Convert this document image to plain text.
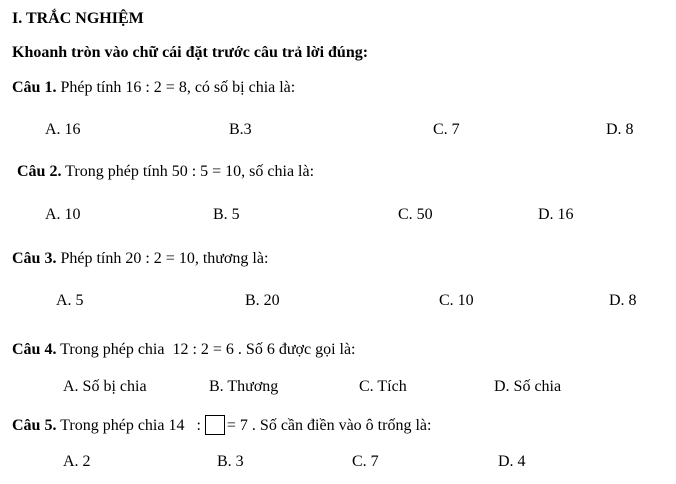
I. TRẮC NGHIỆM
Khoanh tròn vào chữ cái đặt trước câu trả lời đúng:
Câu 1. Phép tính 16 : 2 = 8, có số bị chia là:
A. 16	B.3	C. 7	D. 8
Câu 2. Trong phép tính 50 : 5 = 10, số chia là:
A. 10	B. 5	C. 50	D. 16
Câu 3. Phép tính 20 : 2 = 10, thương là:
A. 5	B. 20	C. 10	D. 8
Câu 4. Trong phép chia  12 : 2 = 6 . Số 6 được gọi là:
A. Số bị chia	B. Thương	C. Tích	D. Số chia
Câu 5. Trong phép chia 14   : = 7 . Số cần điền vào ô trống là:
A. 2	B. 3	C. 7	D. 4
